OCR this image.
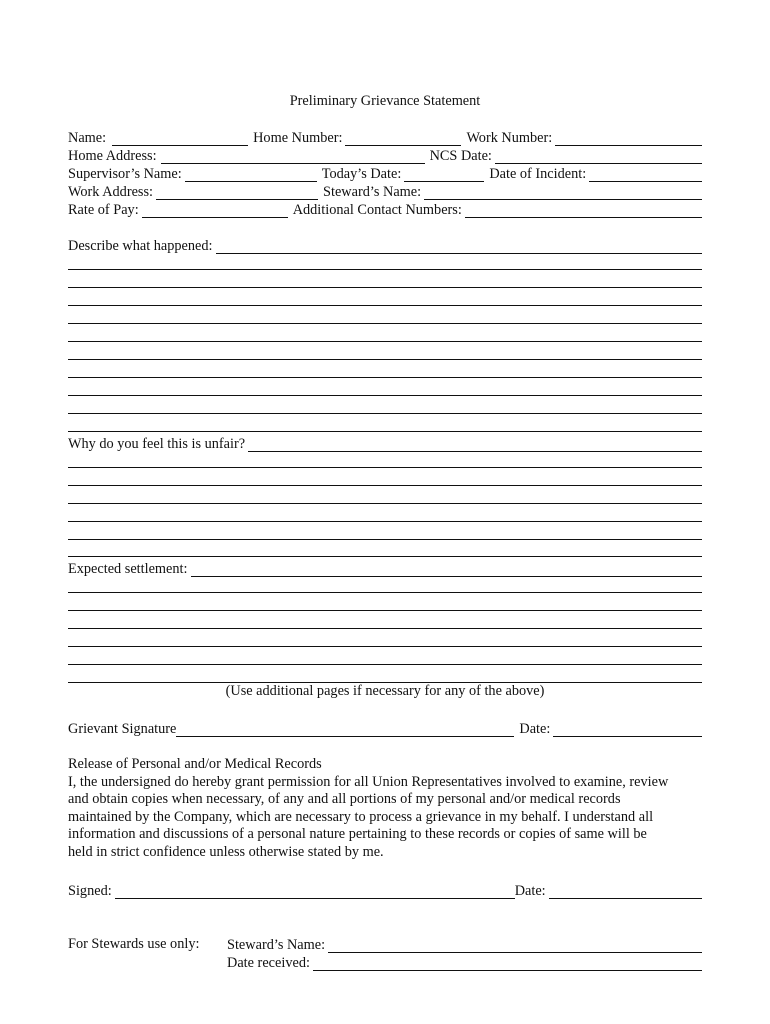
Preliminary Grievance Statement
Name:	Home Number:	Work Number:
Home Address:	NCS Date:
Supervisor’s Name:	Today’s Date:	Date of Incident:
Work Address:	Steward’s Name:
Rate of Pay:	Additional Contact Numbers:
Describe what happened:
Why do you feel this is unfair?
Expected settlement:
(Use additional pages if necessary for any of the above)
Grievant Signature	Date:
Release of Personal and/or Medical Records
I, the undersigned do hereby grant permission for all Union Representatives involved to examine, review
and obtain copies when necessary, of any and all portions of my personal and/or medical records
maintained by the Company, which are necessary to process a grievance in my behalf. I understand all
information and discussions of a personal nature pertaining to these records or copies of same will be
held in strict confidence unless otherwise stated by me.
Signed:	Date:
For Stewards use only: Steward’s Name:
Date received:
